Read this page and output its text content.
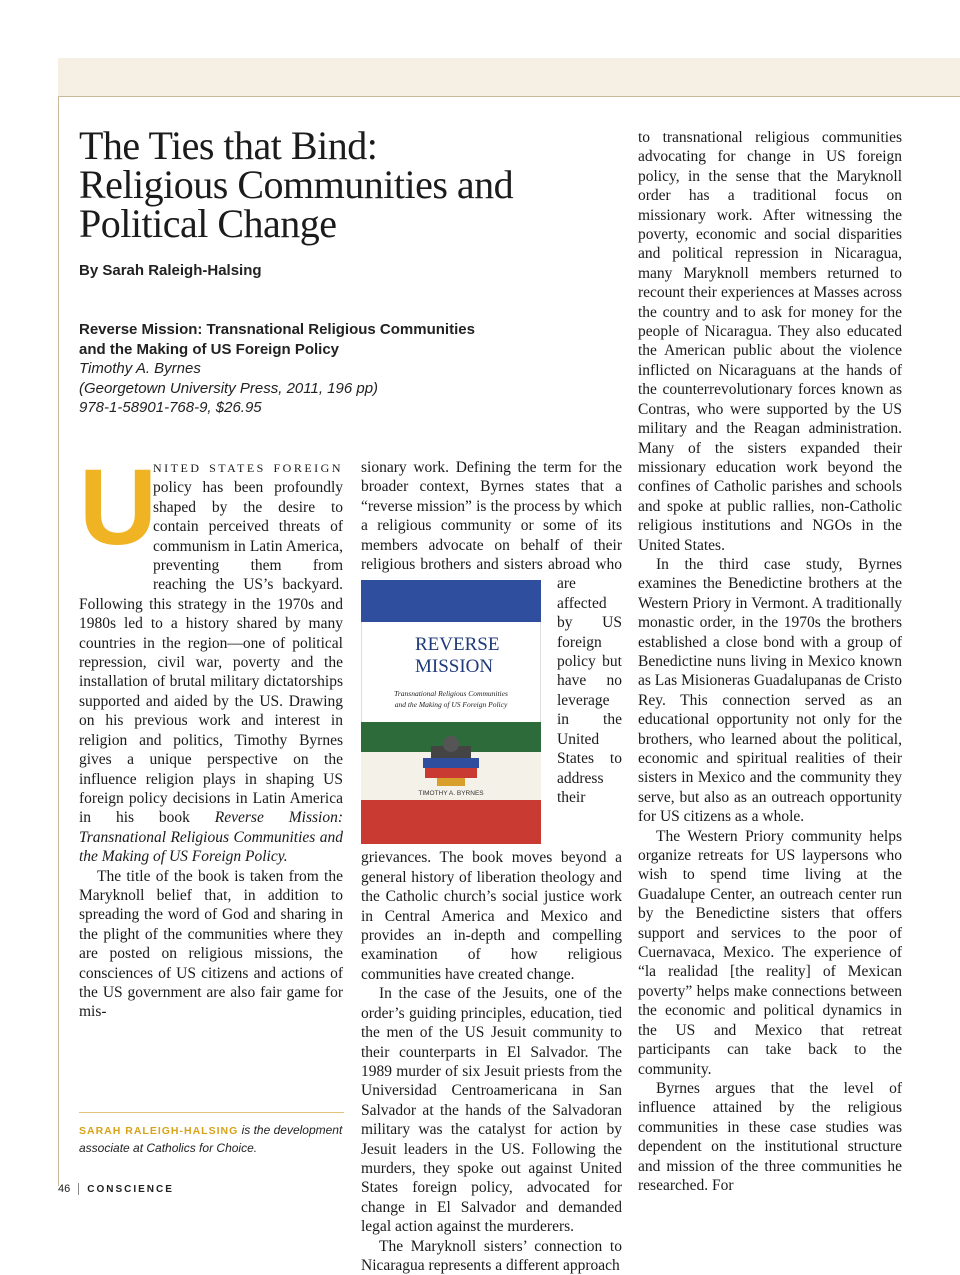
The Ties that Bind: Religious Communities and Political Change
By Sarah Raleigh-Halsing
Reverse Mission: Transnational Religious Communities
and the Making of US Foreign Policy
Timothy A. Byrnes
(Georgetown University Press, 2011, 196 pp)
978-1-58901-768-9, $26.95

U
NITED STATES FOREIGN policy has been profoundly shaped by the desire to contain perceived threats of communism in Latin America, preventing them from reaching the US’s backyard. Following this strategy in the 1970s and 1980s led to a history shared by many countries in the region—one of political repression, civil war, poverty and the installation of brutal military dictatorships supported and aided by the US. Drawing on his previous work and interest in religion and politics, Timothy Byrnes gives a unique perspective on the influence religion plays in shaping US foreign policy decisions in Latin America in his book Reverse Mission: Transnational Religious Communities and the Making of US Foreign Policy.

The title of the book is taken from the Maryknoll belief that, in addition to spreading the word of God and sharing in the plight of the communities where they are posted on religious missions, the consciences of US citizens and actions of the US government are also fair game for mis-

sionary work. Defining the term for the broader context, Byrnes states that a “reverse mission” is the process by which a religious community or some of its members advocate on behalf of their religious brothers and sisters abroad who are
REVERSE
MISSION
Transnational Religious Communities
and the Making of US Foreign Policy
TIMOTHY A. BYRNES
affected by US foreign policy but have no leverage in the United States to address their grievances. The book moves beyond a general history of liberation theology and the Catholic church’s social justice work in Central America and Mexico and provides an in-depth and compelling examination of how religious communities have created change.

In the case of the Jesuits, one of the order’s guiding principles, education, tied the men of the US Jesuit community to their counterparts in El Salvador. The 1989 murder of six Jesuit priests from the Universidad Centroamericana in San Salvador at the hands of the Salvadoran military was the catalyst for action by Jesuit leaders in the US. Following the murders, they spoke out against United States foreign policy, advocated for change in El Salvador and demanded legal action against the murderers.

The Maryknoll sisters’ connection to Nicaragua represents a different approach

to transnational religious communities advocating for change in US foreign policy, in the sense that the Maryknoll order has a traditional focus on missionary work. After witnessing the poverty, economic and social disparities and political repression in Nicaragua, many Maryknoll members returned to recount their experiences at Masses across the country and to ask for money for the people of Nicaragua. They also educated the American public about the violence inflicted on Nicaraguans at the hands of the counterrevolutionary forces known as Contras, who were supported by the US military and the Reagan administration. Many of the sisters expanded their missionary education work beyond the confines of Catholic parishes and schools and spoke at public rallies, non-Catholic religious institutions and NGOs in the United States.

In the third case study, Byrnes examines the Benedictine brothers at the Western Priory in Vermont. A traditionally monastic order, in the 1970s the brothers established a close bond with a group of Benedictine nuns living in Mexico known as Las Misioneras Guadalupanas de Cristo Rey. This connection served as an educational opportunity not only for the brothers, who learned about the political, economic and spiritual realities of their sisters in Mexico and the community they serve, but also as an outreach opportunity for US citizens as a whole.

The Western Priory community helps organize retreats for US laypersons who wish to spend time living at the Guadalupe Center, an outreach center run by the Benedictine sisters that offers support and services to the poor of Cuernavaca, Mexico. The experience of “la realidad [the reality] of Mexican poverty” helps make connections between the economic and political dynamics in the US and Mexico that retreat participants can take back to the community.

Byrnes argues that the level of influence attained by the religious communities in these case studies was dependent on the institutional structure and mission of the three communities he researched. For

SARAH RALEIGH-HALSING is the development associate at Catholics for Choice.
46	CONSCIENCE
